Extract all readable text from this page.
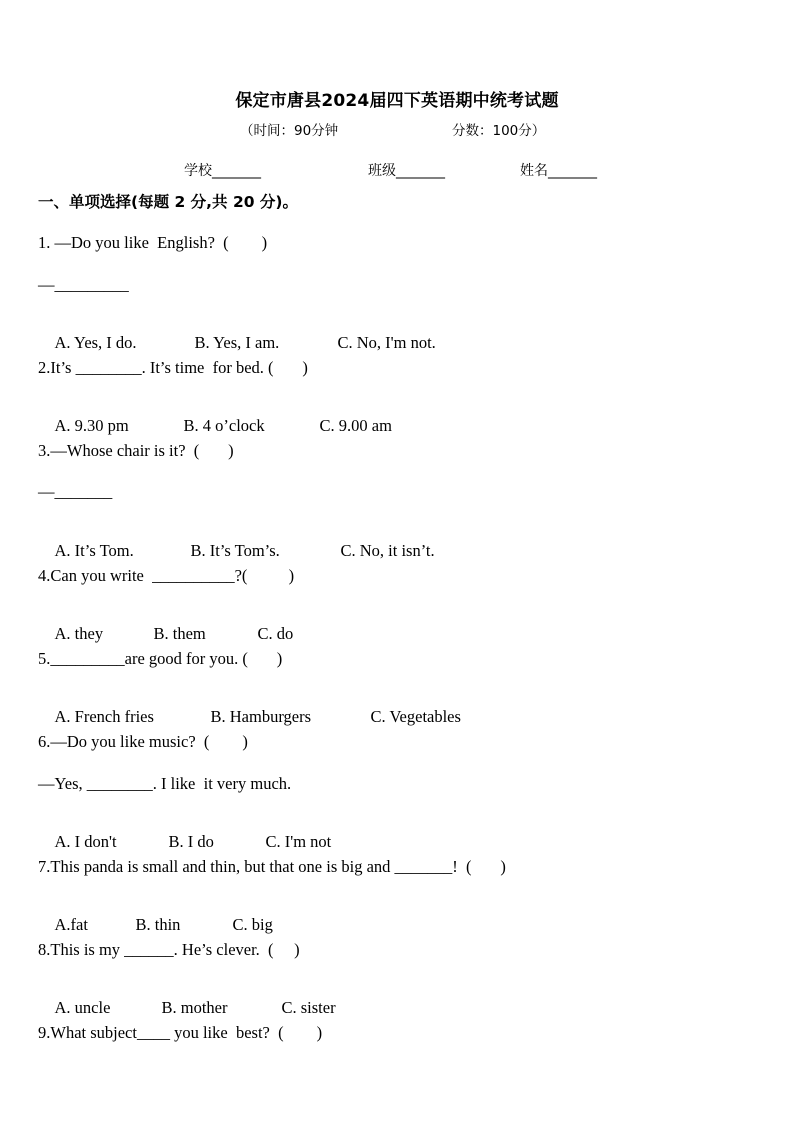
保定市唐县2024届四下英语期中统考试题
（时间：90分钟	分数：100分）
学校_______	班级_______	姓名_______
一、单项选择(每题 2 分,共 20 分)。
1. —Do you like  English?  (        )
—_________

A. Yes, I do.	B. Yes, I am.	C. No, I'm not.

2.It’s ________. It’s time  for bed. (       )

A. 9.30 pm	B. 4 o’clock	C. 9.00 am

3.—Whose chair is it?  (       )
—_______

A. It’s Tom.	B. It’s Tom’s.	C. No, it isn’t.

4.Can you write  __________?(          )

A. they	B. them	C. do

5._________are good for you. (       )

A. French fries	B. Hamburgers	C. Vegetables

6.—Do you like music?  (        )
—Yes, ________. I like  it very much.

A. I don't	B. I do	C. I'm not

7.This panda is small and thin, but that one is big and _______!  (       )

A.fat	B. thin	C. big

8.This is my ______. He’s clever.  (     )

A. uncle	B. mother	C. sister

9.What subject____ you like  best?  (        )
